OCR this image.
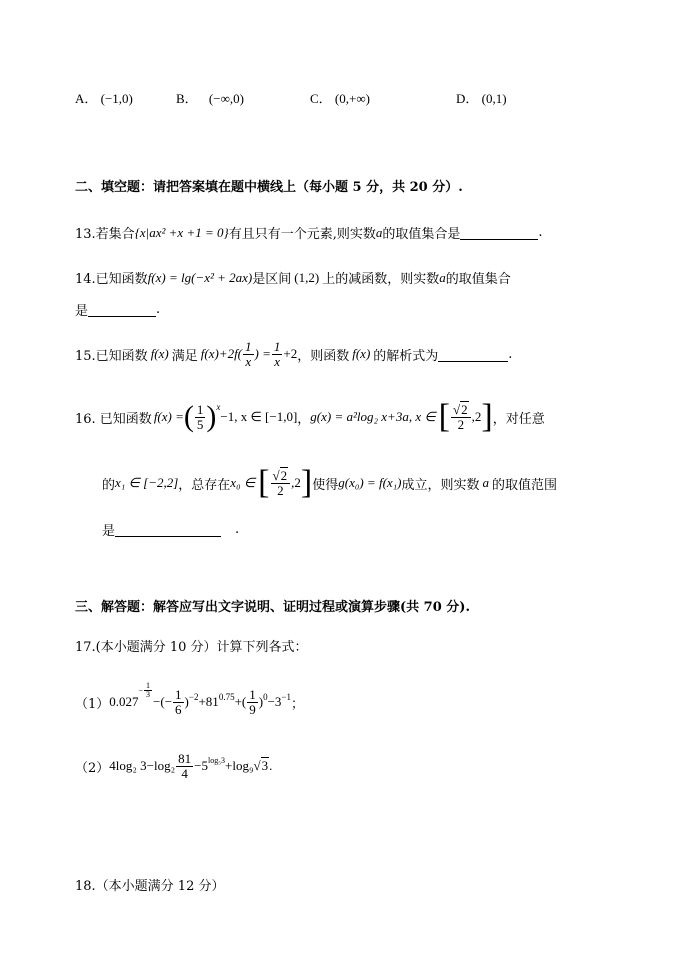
A． (−1,0)	B． (−∞,0)	C． (0,+∞)	D． (0,1)
二、填空题：请把答案填在题中横线上（每小题 5 分，共 20 分）.
13.若集合 {x|ax² +x +1 = 0} 有且只有一个元素,则实数 a 的取值集合是	.
14.已知函数 f(x) = lg(−x² + 2ax) 是区间 (1,2) 上的减函数，则实数 a 的取值集合
是	.
15.已知函数 f(x) 满足 $f(x)+2f( \frac{1}{x}$ ) = $\frac{1}{x} +2$ ，则函数 f(x) 的解析式为	.
16. 已知函数 f(x) = ( $\frac{1}{5} )^x$
−1, x ∈ [−1,0] ， g(x) = a²log₂ x+3a, x ∈ [ $\frac{√2}{2} ,2$ ] ，对任意
的 x₁ ∈ [−2,2] ，总存在 x₀ ∈ [ $\frac{√2}{2} ,2$ ] 使得 g(x₀) = f(x₁) 成立，则实数 a 的取值范围
是	.
三、解答题：解答应写出文字说明、证明过程或演算步骤(共 70 分).
17.(本小题满分 10 分）计算下列各式：
（1） 0.027
− $\frac{1}{3}$
−(− $\frac{1}{6} )^{-2} +81^{0.75}$ +( $\frac{1}{9} )^0 -3^{-1}$ ；
（2） 4log₂ $3-\log_2 \frac{81}{4} -5^{log_53} +\log_9$ √3 .
18.（本小题满分 12 分）
